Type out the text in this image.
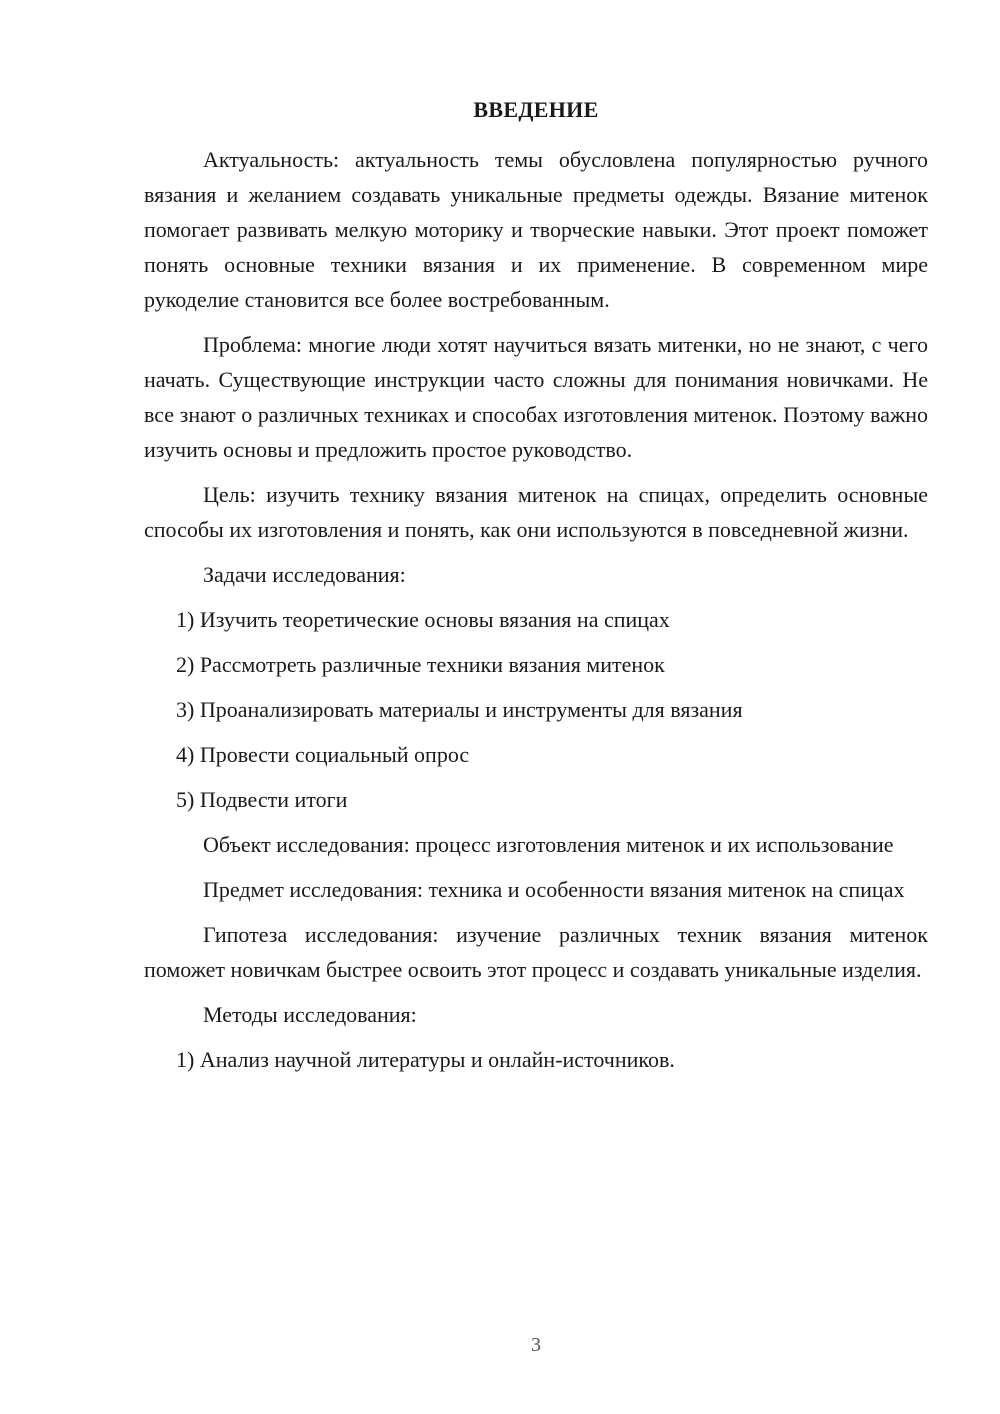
ВВЕДЕНИЕ

Актуальность: актуальность темы обусловлена популярностью ручного вязания и желанием создавать уникальные предметы одежды. Вязание митенок помогает развивать мелкую моторику и творческие навыки. Этот проект поможет понять основные техники вязания и их применение. В современном мире рукоделие становится все более востребованным.

Проблема: многие люди хотят научиться вязать митенки, но не знают, с чего начать. Существующие инструкции часто сложны для понимания новичками. Не все знают о различных техниках и способах изготовления митенок. Поэтому важно изучить основы и предложить простое руководство.

Цель: изучить технику вязания митенок на спицах, определить основные способы их изготовления и понять, как они используются в повседневной жизни.

Задачи исследования:

1) Изучить теоретические основы вязания на спицах

2) Рассмотреть различные техники вязания митенок

3) Проанализировать материалы и инструменты для вязания

4) Провести социальный опрос

5) Подвести итоги

Объект исследования: процесс изготовления митенок и их использование

Предмет исследования: техника и особенности вязания митенок на спицах

Гипотеза исследования: изучение различных техник вязания митенок поможет новичкам быстрее освоить этот процесс и создавать уникальные изделия.

Методы исследования:

1) Анализ научной литературы и онлайн-источников.

3
